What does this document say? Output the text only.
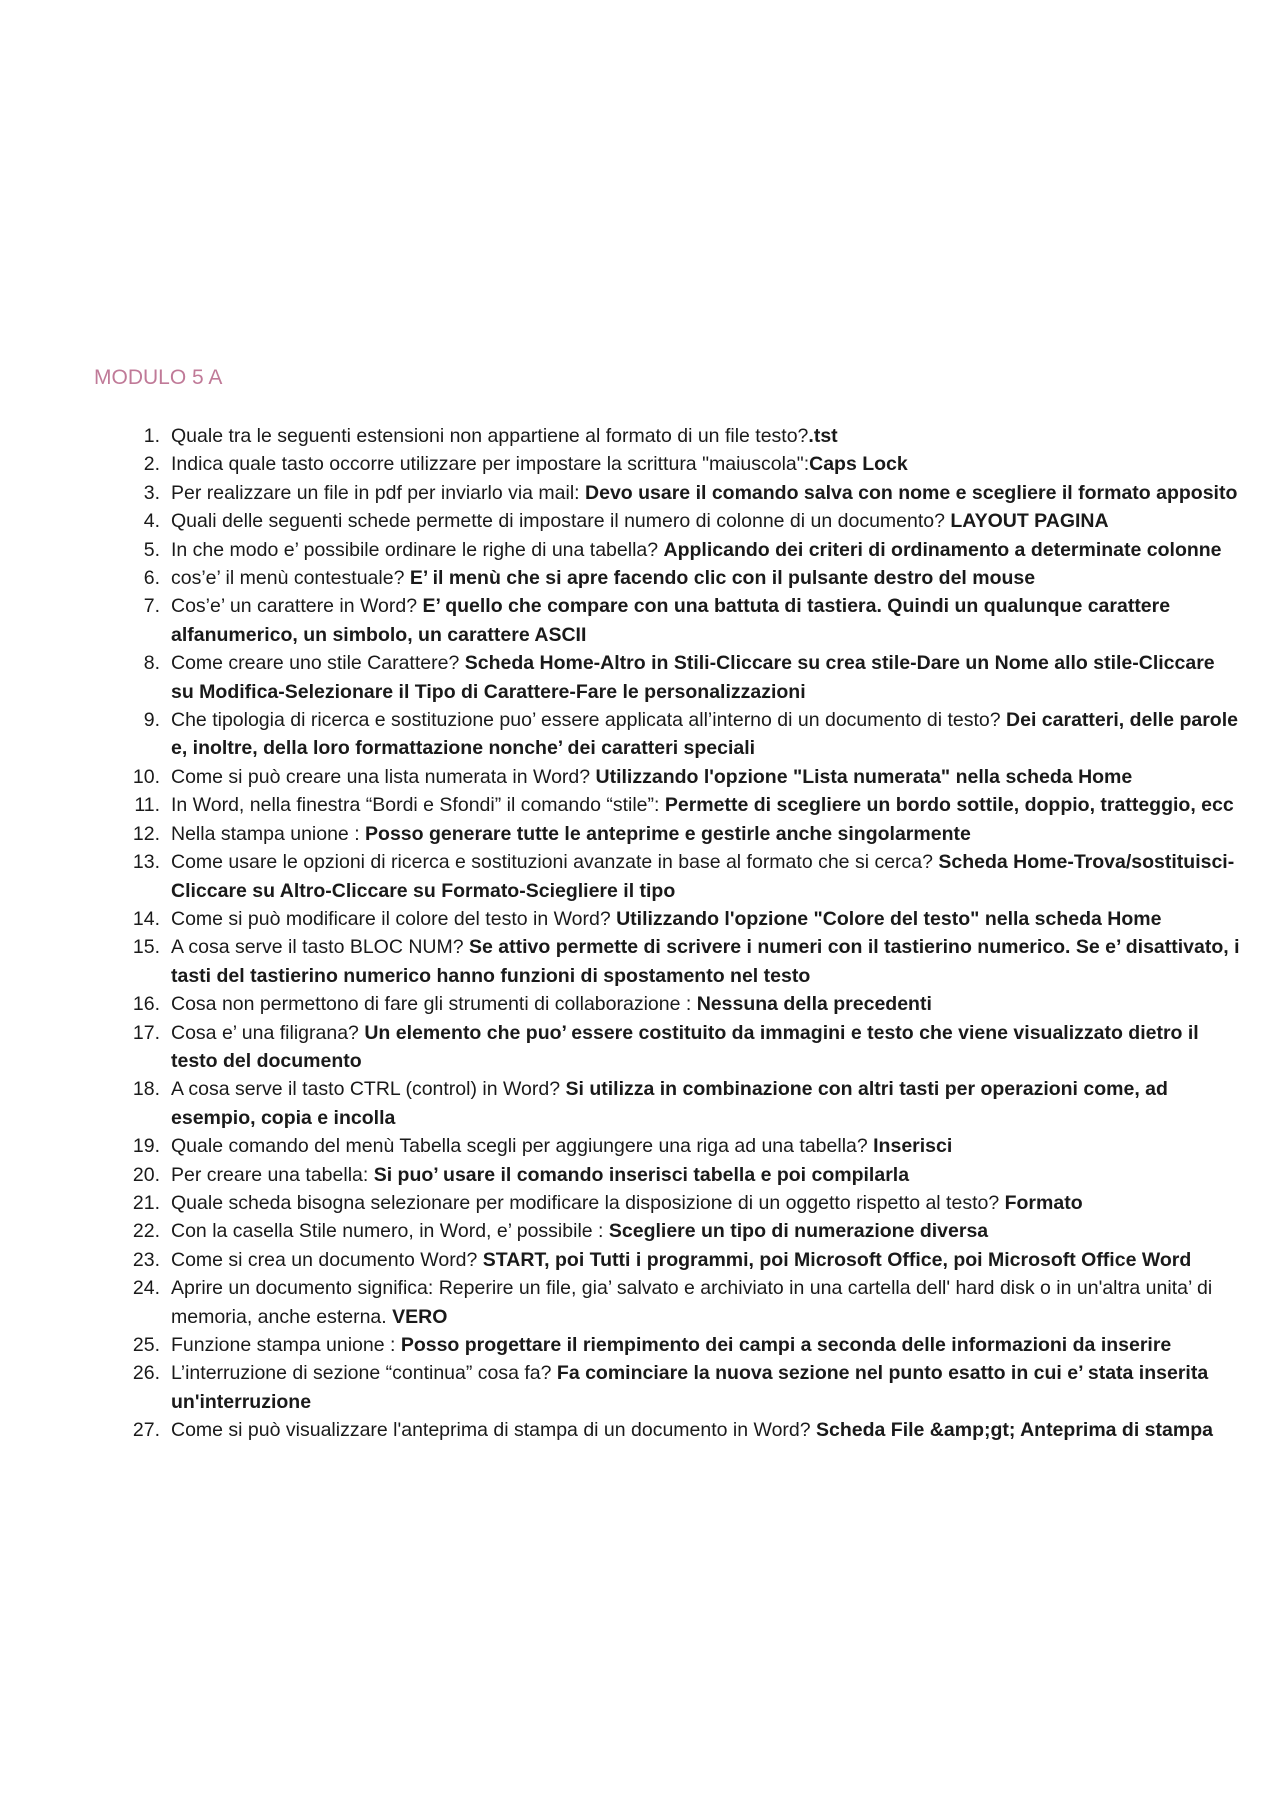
MODULO 5 A
1. Quale tra le seguenti estensioni non appartiene al formato di un file testo?.tst
2. Indica quale tasto occorre utilizzare per impostare la scrittura "maiuscola":Caps Lock
3. Per realizzare un file in pdf per inviarlo via mail: Devo usare il comando salva con nome e scegliere il formato apposito
4. Quali delle seguenti schede permette di impostare il numero di colonne di un documento? LAYOUT PAGINA
5. In che modo e’ possibile ordinare le righe di una tabella? Applicando dei criteri di ordinamento a determinate colonne
6. cos’e’ il menù contestuale? E’ il menù che si apre facendo clic con il pulsante destro del mouse
7. Cos’e’ un carattere in Word? E’ quello che compare con una battuta di tastiera. Quindi un qualunque carattere alfanumerico, un simbolo, un carattere ASCII
8. Come creare uno stile Carattere? Scheda Home-Altro in Stili-Cliccare su crea stile-Dare un Nome allo stile-Cliccare su Modifica-Selezionare il Tipo di Carattere-Fare le personalizzazioni
9. Che tipologia di ricerca e sostituzione puo’ essere applicata all’interno di un documento di testo? Dei caratteri, delle parole e, inoltre, della loro formattazione nonche’ dei caratteri speciali
10. Come si può creare una lista numerata in Word? Utilizzando l'opzione "Lista numerata" nella scheda Home
11. In Word, nella finestra “Bordi e Sfondi” il comando “stile”: Permette di scegliere un bordo sottile, doppio, tratteggio, ecc
12. Nella stampa unione : Posso generare tutte le anteprime e gestirle anche singolarmente
13. Come usare le opzioni di ricerca e sostituzioni avanzate in base al formato che si cerca? Scheda Home-Trova/sostituisci-Cliccare su Altro-Cliccare su Formato-Sciegliere il tipo
14. Come si può modificare il colore del testo in Word? Utilizzando l'opzione "Colore del testo" nella scheda Home
15. A cosa serve il tasto BLOC NUM? Se attivo permette di scrivere i numeri con il tastierino numerico. Se e’ disattivato, i tasti del tastierino numerico hanno funzioni di spostamento nel testo
16. Cosa non permettono di fare gli strumenti di collaborazione : Nessuna della precedenti
17. Cosa e’ una filigrana? Un elemento che puo’ essere costituito da immagini e testo che viene visualizzato dietro il testo del documento
18. A cosa serve il tasto CTRL (control) in Word? Si utilizza in combinazione con altri tasti per operazioni come, ad esempio, copia e incolla
19. Quale comando del menù Tabella scegli per aggiungere una riga ad una tabella? Inserisci
20. Per creare una tabella: Si puo’ usare il comando inserisci tabella e poi compilarla
21. Quale scheda bisogna selezionare per modificare la disposizione di un oggetto rispetto al testo? Formato
22. Con la casella Stile numero, in Word, e’ possibile : Scegliere un tipo di numerazione diversa
23. Come si crea un documento Word? START, poi Tutti i programmi, poi Microsoft Office, poi Microsoft Office Word
24. Aprire un documento significa: Reperire un file, gia’ salvato e archiviato in una cartella dell' hard disk o in un'altra unita’ di memoria, anche esterna. VERO
25. Funzione stampa unione : Posso progettare il riempimento dei campi a seconda delle informazioni da inserire
26. L’interruzione di sezione “continua” cosa fa? Fa cominciare la nuova sezione nel punto esatto in cui e’ stata inserita un'interruzione
27. Come si può visualizzare l'anteprima di stampa di un documento in Word? Scheda File &amp;gt; Anteprima di stampa
